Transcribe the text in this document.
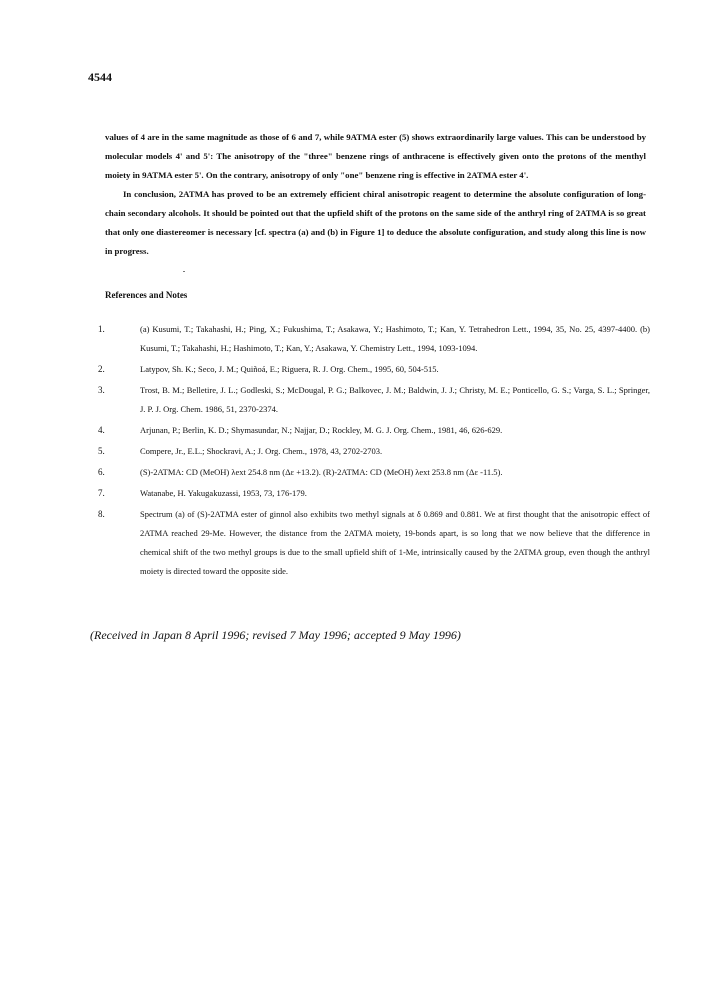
4544

values of 4 are in the same magnitude as those of 6 and 7, while 9ATMA ester (5) shows extraordinarily large values. This can be understood by molecular models 4' and 5': The anisotropy of the "three" benzene rings of anthracene is effectively given onto the protons of the menthyl moiety in 9ATMA ester 5'. On the contrary, anisotropy of only "one" benzene ring is effective in 2ATMA ester 4'.

In conclusion, 2ATMA has proved to be an extremely efficient chiral anisotropic reagent to determine the absolute configuration of long-chain secondary alcohols. It should be pointed out that the upfield shift of the protons on the same side of the anthryl ring of 2ATMA is so great that only one diastereomer is necessary [cf. spectra (a) and (b) in Figure 1] to deduce the absolute configuration, and study along this line is now in progress.

References and Notes
1.	(a) Kusumi, T.; Takahashi, H.; Ping, X.; Fukushima, T.; Asakawa, Y.; Hashimoto, T.; Kan, Y. Tetrahedron Lett., 1994, 35, No. 25, 4397-4400. (b) Kusumi, T.; Takahashi, H.; Hashimoto, T.; Kan, Y.; Asakawa, Y. Chemistry Lett., 1994, 1093-1094.
2.	Latypov, Sh. K.; Seco, J. M.; Quiñoá, E.; Riguera, R. J. Org. Chem., 1995, 60, 504-515.
3.	Trost, B. M.; Belletire, J. L.; Godleski, S.; McDougal, P. G.; Balkovec, J. M.; Baldwin, J. J.; Christy, M. E.; Ponticello, G. S.; Varga, S. L.; Springer, J. P. J. Org. Chem. 1986, 51, 2370-2374.
4.	Arjunan, P.; Berlin, K. D.; Shymasundar, N.; Najjar, D.; Rockley, M. G. J. Org. Chem., 1981, 46, 626-629.
5.	Compere, Jr., E.L.; Shockravi, A.; J. Org. Chem., 1978, 43, 2702-2703.
6.	(S)-2ATMA: CD (MeOH) λext 254.8 nm (Δε +13.2). (R)-2ATMA: CD (MeOH) λext 253.8 nm (Δε -11.5).
7.	Watanabe, H. Yakugakuzassi, 1953, 73, 176-179.
8.	Spectrum (a) of (S)-2ATMA ester of ginnol also exhibits two methyl signals at δ 0.869 and 0.881. We at first thought that the anisotropic effect of 2ATMA reached 29-Me. However, the distance from the 2ATMA moiety, 19-bonds apart, is so long that we now believe that the difference in chemical shift of the two methyl groups is due to the small upfield shift of 1-Me, intrinsically caused by the 2ATMA group, even though the anthryl moiety is directed toward the opposite side.

(Received in Japan 8 April 1996; revised 7 May 1996; accepted 9 May 1996)
